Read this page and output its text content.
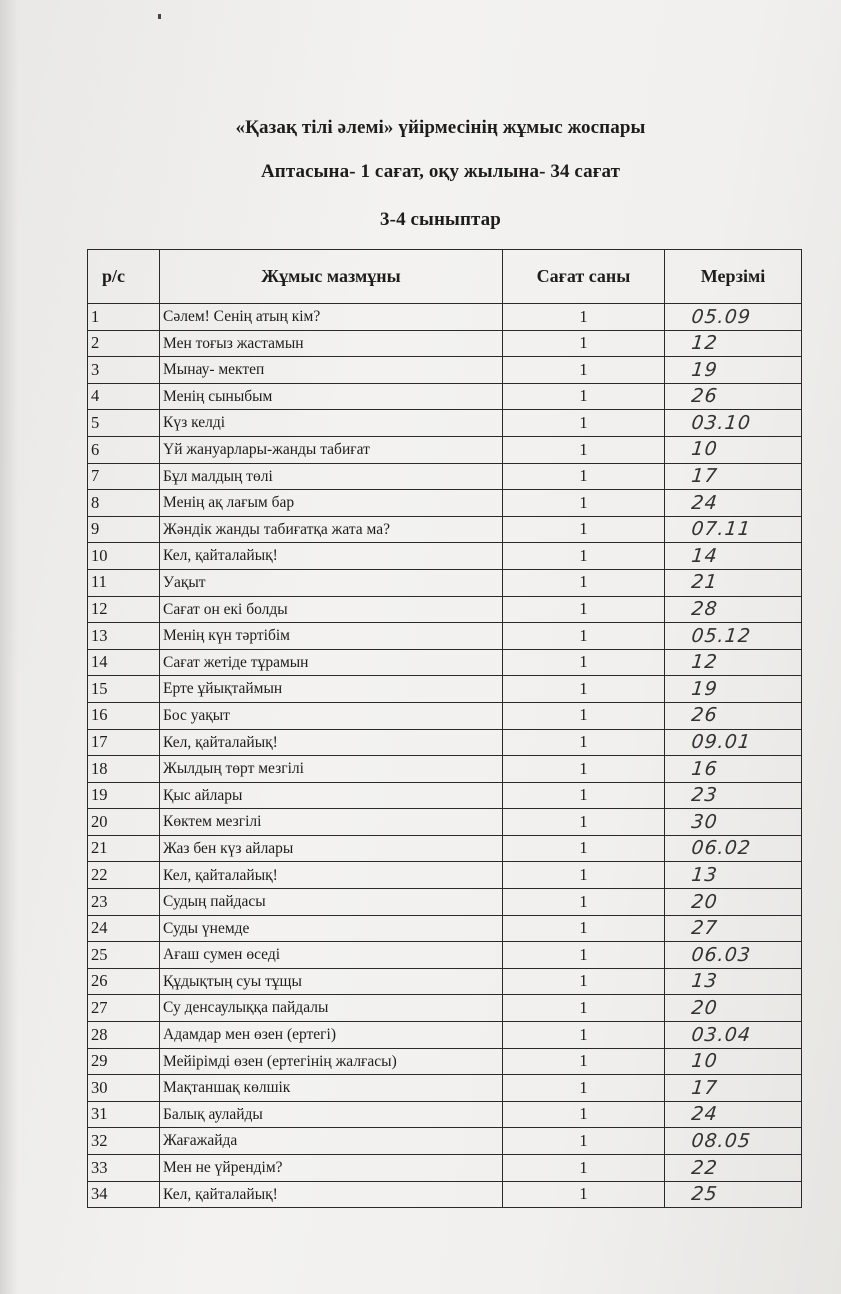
«Қазақ тілі әлемі» үйірмесінің жұмыс жоспары
Аптасына- 1 сағат, оқу жылына- 34 сағат
3-4 сыныптар
р/с	Жұмыс мазмұны	Сағат саны	Мерзімі
1	Сәлем! Сенің атың кім?	1	05.09
2	Мен тоғыз жастамын	1	12
3	Мынау- мектеп	1	19
4	Менің сыныбым	1	26
5	Күз келді	1	03.10
6	Үй жануарлары-жанды табиғат	1	10
7	Бұл малдың төлі	1	17
8	Менің ақ лағым бар	1	24
9	Жәндік жанды табиғатқа жата ма?	1	07.11
10	Кел, қайталайық!	1	14
11	Уақыт	1	21
12	Сағат он екі болды	1	28
13	Менің күн тәртібім	1	05.12
14	Сағат жетіде тұрамын	1	12
15	Ерте ұйықтаймын	1	19
16	Бос уақыт	1	26
17	Кел, қайталайық!	1	09.01
18	Жылдың төрт мезгілі	1	16
19	Қыс айлары	1	23
20	Көктем мезгілі	1	30
21	Жаз бен күз айлары	1	06.02
22	Кел, қайталайық!	1	13
23	Судың пайдасы	1	20
24	Суды үнемде	1	27
25	Ағаш сумен өседі	1	06.03
26	Құдықтың суы тұщы	1	13
27	Су денсаулыққа пайдалы	1	20
28	Адамдар мен өзен (ертегі)	1	03.04
29	Мейірімді өзен (ертегінің жалғасы)	1	10
30	Мақтаншақ көлшік	1	17
31	Балық аулайды	1	24
32	Жағажайда	1	08.05
33	Мен не үйрендім?	1	22
34	Кел, қайталайық!	1	25
